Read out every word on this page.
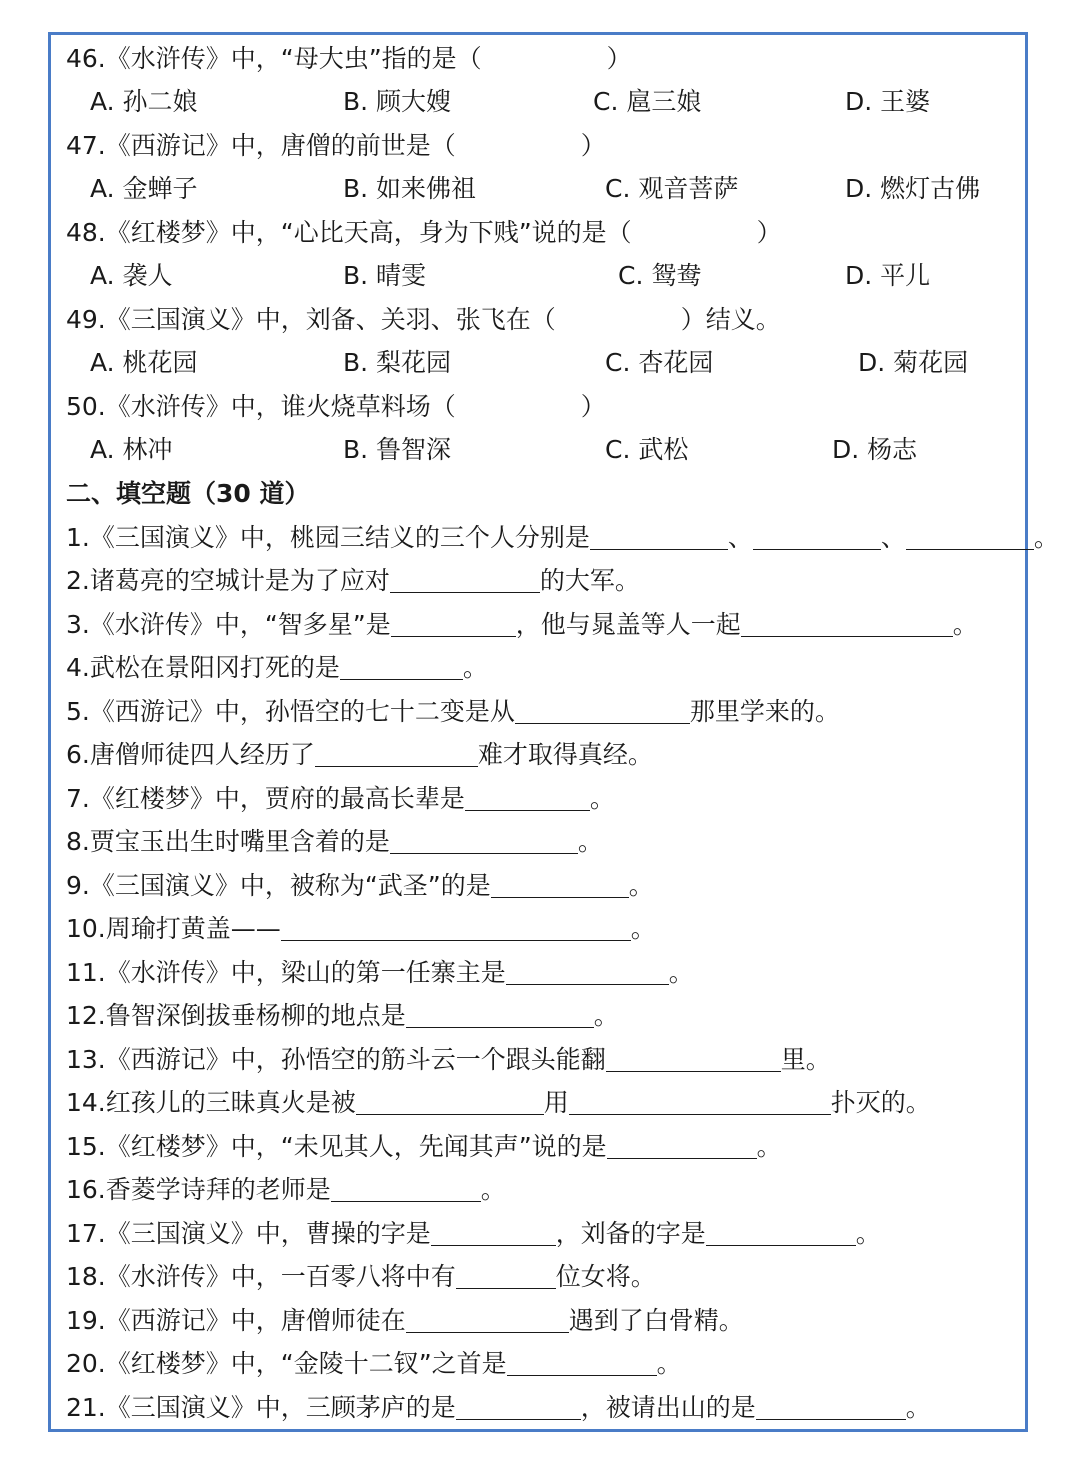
46.《水浒传》中，“母大虫”指的是（　　　　　）
A. 孙二娘	B. 顾大嫂	C. 扈三娘	D. 王婆
47.《西游记》中，唐僧的前世是（　　　　　）
A. 金蝉子	B. 如来佛祖	C. 观音菩萨	D. 燃灯古佛
48.《红楼梦》中，“心比天高，身为下贱”说的是（　　　　　）
A. 袭人	B. 晴雯	C. 鸳鸯	D. 平儿
49.《三国演义》中，刘备、关羽、张飞在（　　　　　）结义。
A. 桃花园	B. 梨花园	C. 杏花园	D. 菊花园
50.《水浒传》中，谁火烧草料场（　　　　　）
A. 林冲	B. 鲁智深	C. 武松	D. 杨志
二、填空题（30 道）
1.《三国演义》中，桃园三结义的三个人分别是	、	、	。
2.诸葛亮的空城计是为了应对	的大军。
3.《水浒传》中，“智多星”是	，他与晁盖等人一起	。
4.武松在景阳冈打死的是	。
5.《西游记》中，孙悟空的七十二变是从	那里学来的。
6.唐僧师徒四人经历了	难才取得真经。
7.《红楼梦》中，贾府的最高长辈是	。
8.贾宝玉出生时嘴里含着的是	。
9.《三国演义》中，被称为“武圣”的是	。
10.周瑜打黄盖——	。
11.《水浒传》中，梁山的第一任寨主是	。
12.鲁智深倒拔垂杨柳的地点是	。
13.《西游记》中，孙悟空的筋斗云一个跟头能翻	里。
14.红孩儿的三昧真火是被	用	扑灭的。
15.《红楼梦》中，“未见其人，先闻其声”说的是	。
16.香菱学诗拜的老师是	。
17.《三国演义》中，曹操的字是	，刘备的字是	。
18.《水浒传》中，一百零八将中有	位女将。
19.《西游记》中，唐僧师徒在	遇到了白骨精。
20.《红楼梦》中，“金陵十二钗”之首是	。
21.《三国演义》中，三顾茅庐的是	，被请出山的是	。
